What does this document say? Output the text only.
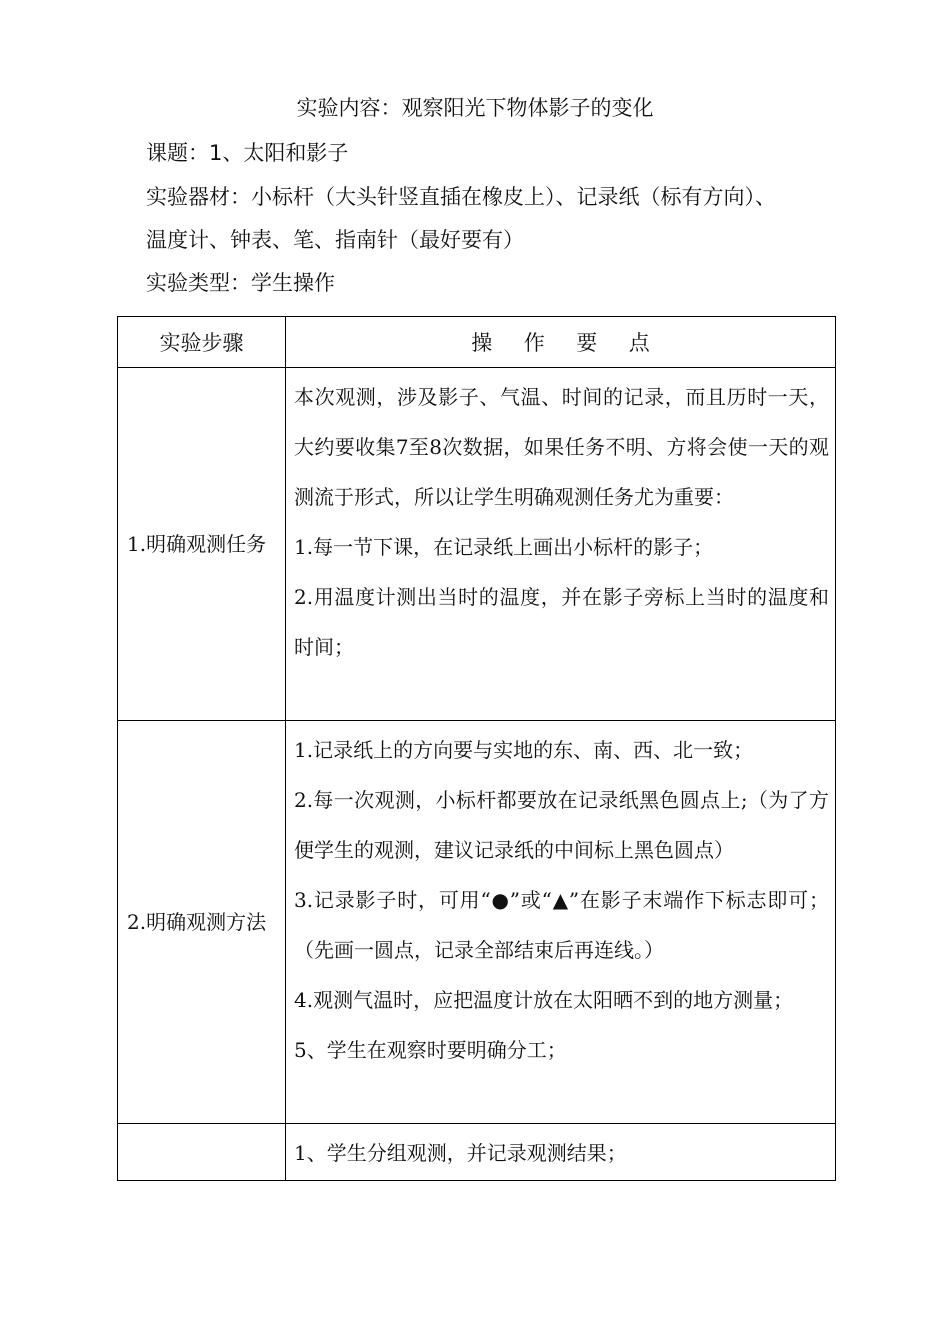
实验内容：观察阳光下物体影子的变化
课题：1、太阳和影子
实验器材：小标杆（大头针竖直插在橡皮上）、记录纸（标有方向）、
温度计、钟表、笔、指南针（最好要有）
实验类型：学生操作
实验步骤	操作要点
1.明确观测任务	本次观测，涉及影子、气温、时间的记录，而且历时一天，大约要收集7至8次数据，如果任务不明、方将会使一天的观测流于形式，所以让学生明确观测任务尤为重要：

1.每一节下课，在记录纸上画出小标杆的影子；

2.用温度计测出当时的温度，并在影子旁标上当时的温度和时间；

2.明确观测方法	1.记录纸上的方向要与实地的东、南、西、北一致；

2.每一次观测，小标杆都要放在记录纸黑色圆点上;（为了方便学生的观测，建议记录纸的中间标上黑色圆点）

3.记录影子时，可用“●”或“▲”在影子末端作下标志即可；（先画一圆点，记录全部结束后再连线。）

4.观测气温时，应把温度计放在太阳晒不到的地方测量；

5、学生在观察时要明确分工；

	1、学生分组观测，并记录观测结果；
